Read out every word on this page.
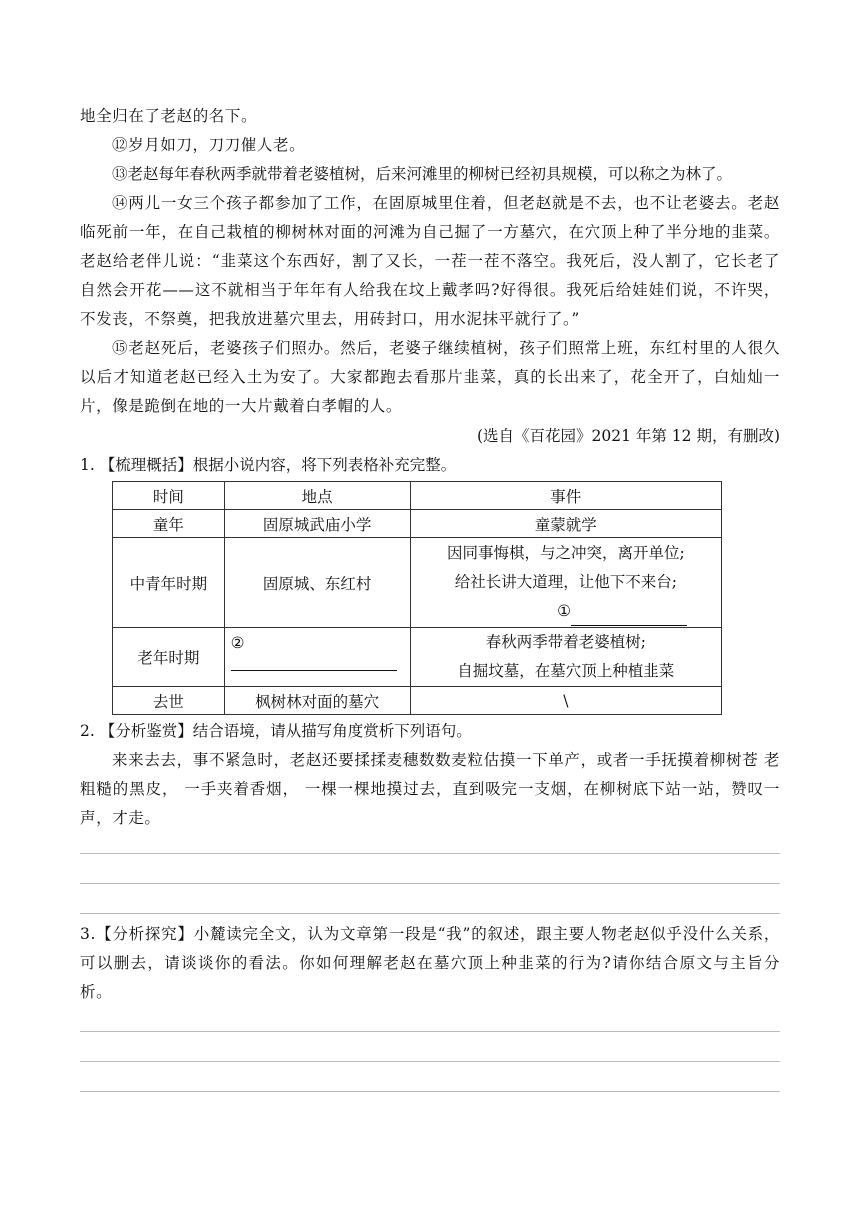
地全归在了老赵的名下。

⑫岁月如刀，刀刀催人老。

⑬老赵每年春秋两季就带着老婆植树，后来河滩里的柳树已经初具规模，可以称之为林了。

⑭两儿一女三个孩子都参加了工作，在固原城里住着，但老赵就是不去，也不让老婆去。老赵临死前一年，在自己栽植的柳树林对面的河滩为自己掘了一方墓穴，在穴顶上种了半分地的韭菜。老赵给老伴儿说：“韭菜这个东西好，割了又长，一茬一茬不落空。我死后，没人割了，它长老了自然会开花——这不就相当于年年有人给我在坟上戴孝吗?好得很。我死后给娃娃们说，不许哭，不发丧，不祭奠，把我放进墓穴里去，用砖封口，用水泥抹平就行了。”

⑮老赵死后，老婆孩子们照办。然后，老婆子继续植树，孩子们照常上班，东红村里的人很久以后才知道老赵已经入土为安了。大家都跑去看那片韭菜，真的长出来了，花全开了，白灿灿一片，像是跪倒在地的一大片戴着白孝帽的人。

(选自《百花园》2021 年第 12 期，有删改)

1. 【梳理概括】根据小说内容，将下列表格补充完整。

时间	地点	事件
童年	固原城武庙小学	童蒙就学
中青年时期	固原城、东红村	因同事悔棋，与之冲突，离开单位;
给社长讲大道理，让他下不来台;
①

老年时期	②	春秋两季带着老婆植树;
自掘坟墓，在墓穴顶上种植韭菜

去世	枫树林对面的墓穴	\

2. 【分析鉴赏】结合语境，请从描写角度赏析下列语句。

来来去去，事不紧急时，老赵还要揉揉麦穗数数麦粒估摸一下单产，或者一手抚摸着柳树苍 老粗糙的黑皮， 一手夹着香烟， 一棵一棵地摸过去，直到吸完一支烟，在柳树底下站一站，赞叹一声，才走。

3.【分析探究】小麓读完全文，认为文章第一段是“我”的叙述，跟主要人物老赵似乎没什么关系，可以删去，请谈谈你的看法。你如何理解老赵在墓穴顶上种韭菜的行为?请你结合原文与主旨分析。
